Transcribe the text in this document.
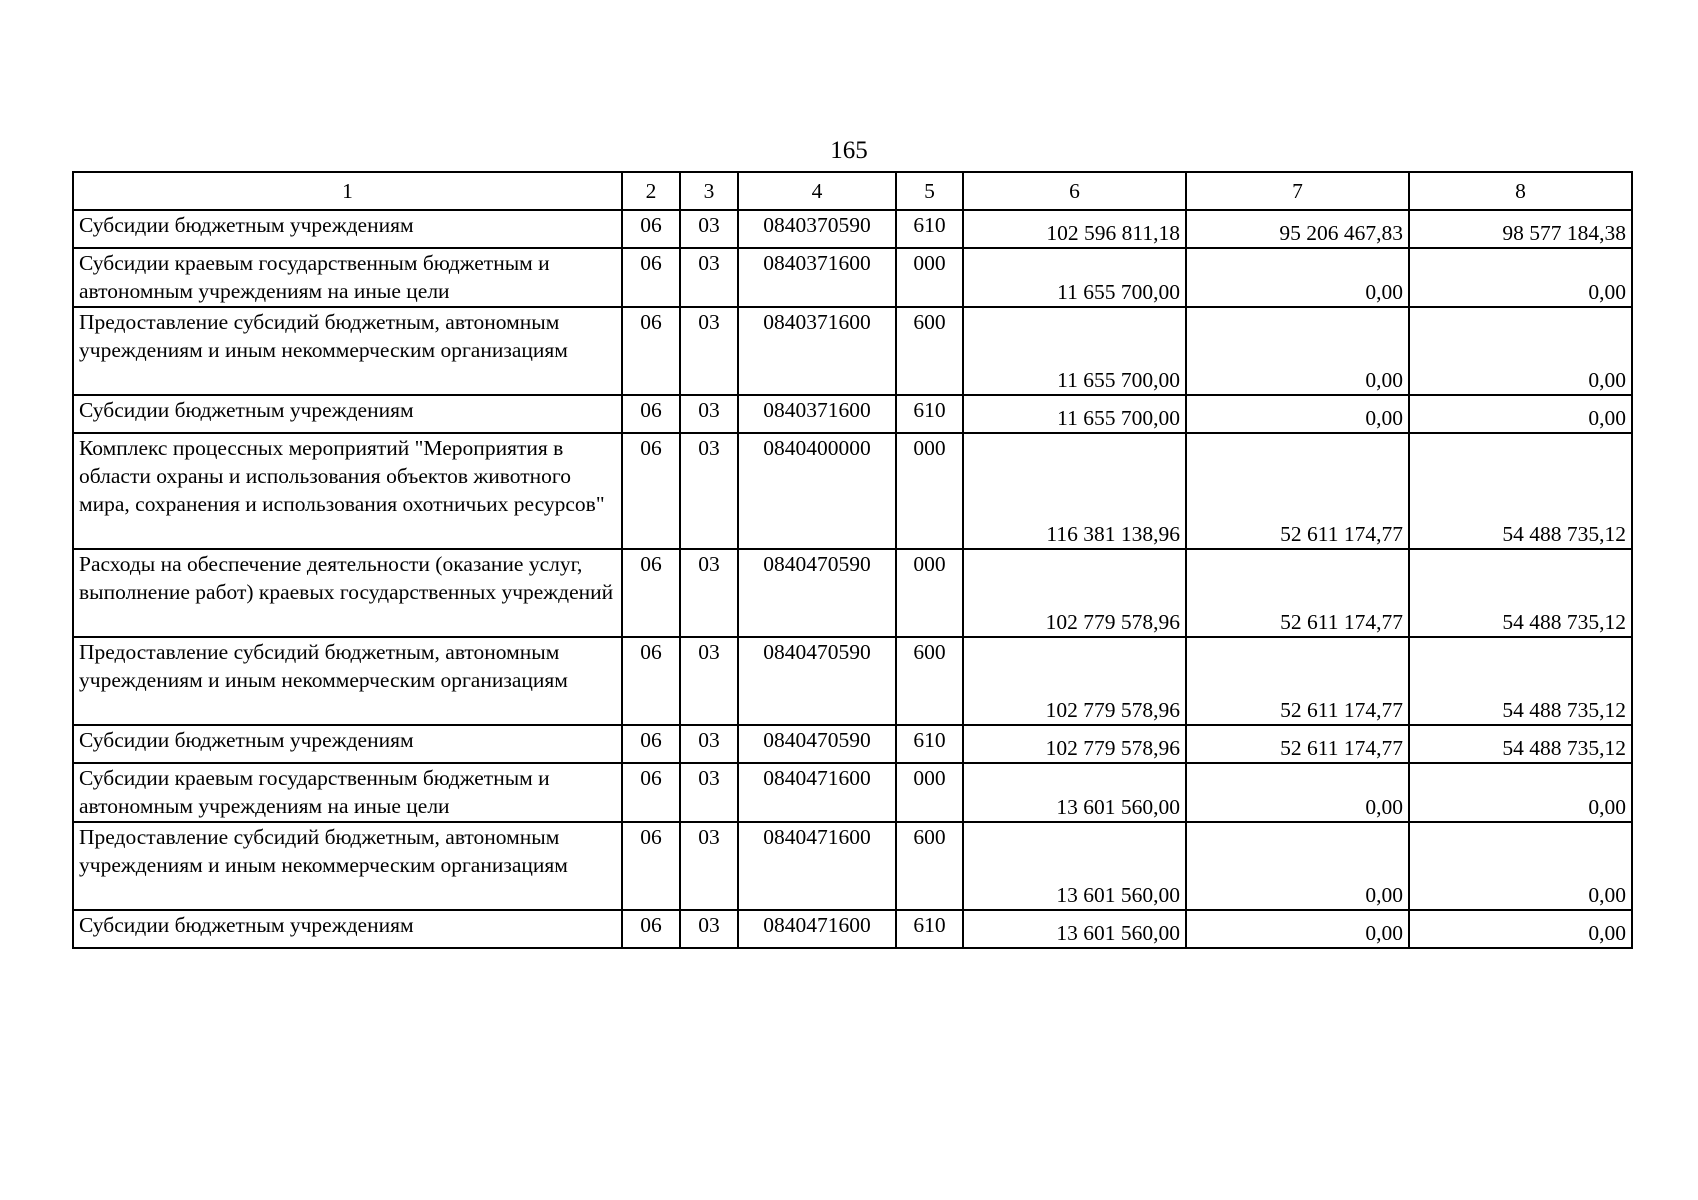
165
1	2	3	4	5	6	7	8
Субсидии бюджетным учреждениям	06	03	0840370590	610	102 596 811,18	95 206 467,83	98 577 184,38
Субсидии краевым государственным бюджетным и автономным учреждениям на иные цели	06	03	0840371600	000	11 655 700,00	0,00	0,00
Предоставление субсидий бюджетным, автономным учреждениям и иным некоммерческим организациям	06	03	0840371600	600	11 655 700,00	0,00	0,00
Субсидии бюджетным учреждениям	06	03	0840371600	610	11 655 700,00	0,00	0,00
Комплекс процессных мероприятий "Мероприятия в области охраны и использования объектов животного мира, сохранения и использования охотничьих ресурсов"	06	03	0840400000	000	116 381 138,96	52 611 174,77	54 488 735,12
Расходы на обеспечение деятельности (оказание услуг, выполнение работ) краевых государственных учреждений	06	03	0840470590	000	102 779 578,96	52 611 174,77	54 488 735,12
Предоставление субсидий бюджетным, автономным учреждениям и иным некоммерческим организациям	06	03	0840470590	600	102 779 578,96	52 611 174,77	54 488 735,12
Субсидии бюджетным учреждениям	06	03	0840470590	610	102 779 578,96	52 611 174,77	54 488 735,12
Субсидии краевым государственным бюджетным и автономным учреждениям на иные цели	06	03	0840471600	000	13 601 560,00	0,00	0,00
Предоставление субсидий бюджетным, автономным учреждениям и иным некоммерческим организациям	06	03	0840471600	600	13 601 560,00	0,00	0,00
Субсидии бюджетным учреждениям	06	03	0840471600	610	13 601 560,00	0,00	0,00
